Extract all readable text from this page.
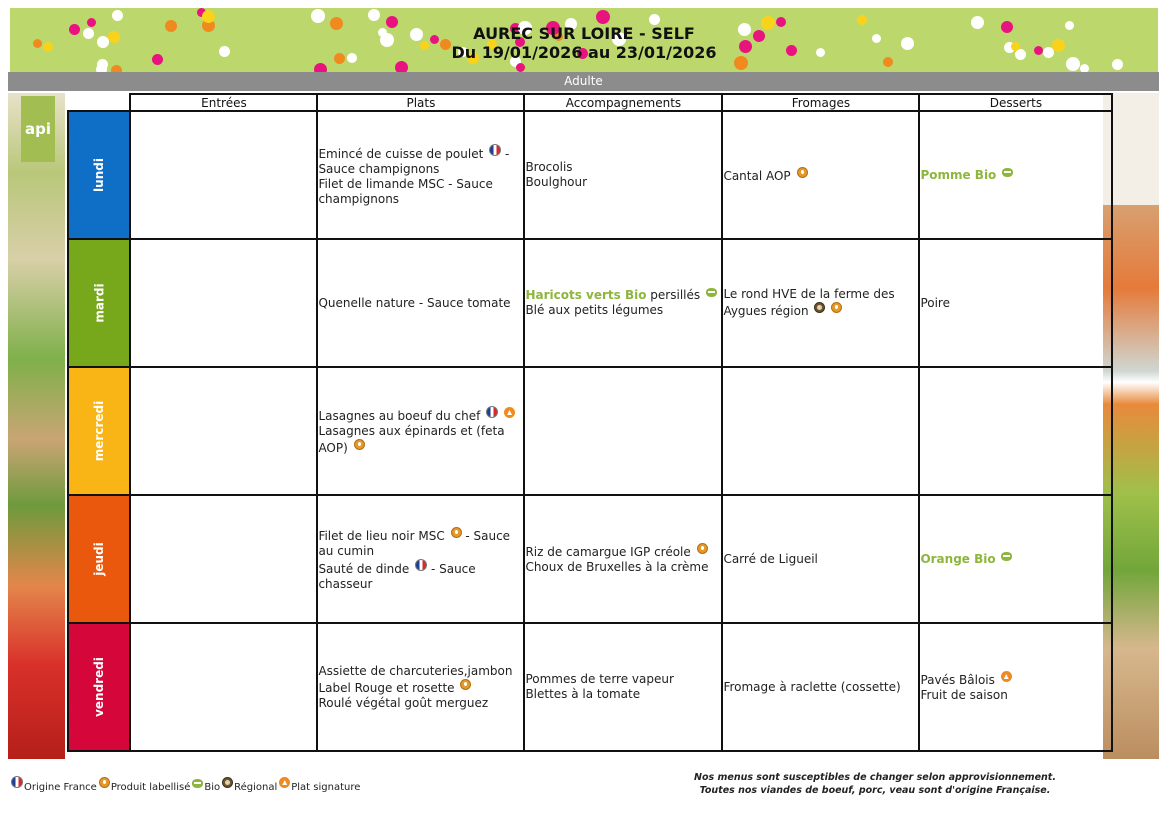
AUREC SUR LOIRE - SELF
Du 19/01/2026 au 23/01/2026
Adulte
api
	Entrées	Plats	Accompagnements	Fromages	Desserts
lundi		Emincé de cuisse de poulet  - Sauce champignons
Filet de limande MSC - Sauce champignons	Brocolis
Boulghour	Cantal AOP	Pomme Bio

mardi		Quenelle nature - Sauce tomate	Haricots verts Bio persillés
Blé aux petits légumes	Le rond HVE de la ferme des Aygues région	Poire

mercredi		Lasagnes au boeuf du chef
Lasagnes aux épinards et (feta AOP)			

jeudi		Filet de lieu noir MSC  - Sauce au cumin
Sauté de dinde  - Sauce chasseur	Riz de camargue IGP créole
Choux de Bruxelles à la crème	Carré de Ligueil	Orange Bio

vendredi		Assiette de charcuteries,jambon Label Rouge et rosette
Roulé végétal goût merguez	Pommes de terre vapeur
Blettes à la tomate	Fromage à raclette (cossette)	Pavés Bâlois
Fruit de saison
Origine France Produit labellisé Bio Régional Plat signature
Nos menus sont susceptibles de changer selon approvisionnement.
Toutes nos viandes de boeuf, porc, veau sont d'origine Française.
